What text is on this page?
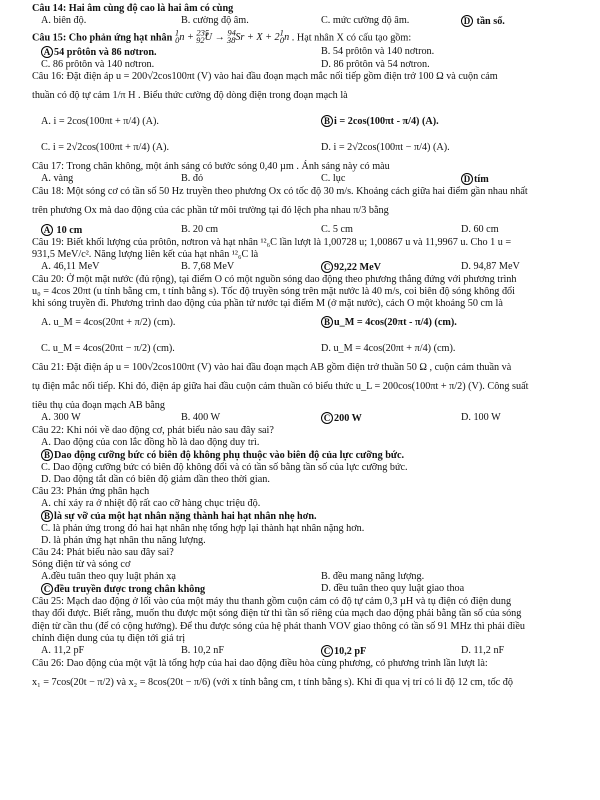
Câu 14: Hai âm cùng độ cao là hai âm có cùng
A. biên độ.	B. cường độ âm.	C. mức cường độ âm.	D tần số.
Câu 15: Cho phản ứng hạt nhân $^1_0n + ^{235}_{92}U \to ^{94}_{38}Sr + X + 2^1_0n$ . Hạt nhân X có cấu tạo gồm:
A 54 prôtôn và 86 nơtron.	B. 54 prôtôn và 140 nơtron.
C. 86 prôtôn và 140 nơtron.	D. 86 prôtôn và 54 nơtron.
Câu 16: Đặt điện áp u = 200√2cos100πt (V) vào hai đầu đoạn mạch mắc nối tiếp gồm điện trở 100 Ω và cuộn cảm
thuần có độ tự cảm 1/π H . Biểu thức cường độ dòng điện trong đoạn mạch là
A. i = 2cos(100πt + π/4) (A).	B i = 2cos(100πt - π/4) (A).
C. i = 2√2cos(100πt + π/4) (A).	D. i = 2√2cos(100πt − π/4) (A).
Câu 17: Trong chân không, một ánh sáng có bước sóng 0,40 µm . Ánh sáng này có màu
A. vàng	B. đỏ	C. lục	D tím
Câu 18: Một sóng cơ có tần số 50 Hz truyền theo phương Ox có tốc độ 30 m/s. Khoảng cách giữa hai điểm gần nhau nhất
trên phương Ox mà dao động của các phần tử môi trường tại đó lệch pha nhau π/3 bằng
A 10 cm	B. 20 cm	C. 5 cm	D. 60 cm
Câu 19: Biết khối lượng của prôtôn, nơtron và hạt nhân ¹²₆C lần lượt là 1,00728 u; 1,00867 u và 11,9967 u. Cho 1 u =
931,5 MeV/c². Năng lượng liên kết của hạt nhân ¹²₆C là
A. 46,11 MeV	B. 7,68 MeV	C 92,22 MeV	D. 94,87 MeV
Câu 20: Ở một mặt nước (đủ rộng), tại điểm O có một nguồn sóng dao động theo phương thẳng đứng với phương trình
u₀ = 4cos 20πt (u tính bằng cm, t tính bằng s). Tốc độ truyền sóng trên mặt nước là 40 m/s, coi biên độ sóng không đổi
khi sóng truyền đi. Phương trình dao động của phần tử nước tại điểm M (ở mặt nước), cách O một khoảng 50 cm là
A. u_M = 4cos(20πt + π/2) (cm).	B u_M = 4cos(20πt - π/4) (cm).
C. u_M = 4cos(20πt − π/2) (cm).	D. u_M = 4cos(20πt + π/4) (cm).
Câu 21: Đặt điện áp u = 100√2cos100πt (V) vào hai đầu đoạn mạch AB gồm điện trở thuần 50 Ω , cuộn cảm thuần và
tụ điện mắc nối tiếp. Khi đó, điện áp giữa hai đầu cuộn cảm thuần có biểu thức u_L = 200cos(100πt + π/2) (V). Công suất
tiêu thụ của đoạn mạch AB bằng
A. 300 W	B. 400 W	C 200 W	D. 100 W
Câu 22: Khi nói về dao động cơ, phát biểu nào sau đây sai?
A. Dao động của con lắc đồng hồ là dao động duy trì.
B Dao động cưỡng bức có biên độ không phụ thuộc vào biên độ của lực cưỡng bức.
C. Dao động cưỡng bức có biên độ không đổi và có tần số bằng tần số của lực cưỡng bức.
D. Dao động tắt dần có biên độ giảm dần theo thời gian.
Câu 23: Phản ứng phân hạch
A. chỉ xảy ra ở nhiệt độ rất cao cỡ hàng chục triệu độ.
B là sự vỡ của một hạt nhân nặng thành hai hạt nhân nhẹ hơn.
C. là phản ứng trong đó hai hạt nhân nhẹ tổng hợp lại thành hạt nhân nặng hơn.
D. là phản ứng hạt nhân thu năng lượng.
Câu 24: Phát biểu nào sau đây sai?
Sóng điện từ và sóng cơ
A.đều tuân theo quy luật phản xạ	B. đều mang năng lượng.
C đều truyền được trong chân không	D. đều tuân theo quy luật giao thoa
Câu 25: Mạch dao động ở lối vào của một máy thu thanh gồm cuộn cảm có độ tự cảm 0,3 µH và tụ điện có điện dung
thay đổi được. Biết rằng, muốn thu được một sóng điện từ thì tần số riêng của mạch dao động phải bằng tần số của sóng
điện từ cần thu (để có cộng hưởng). Để thu được sóng của hệ phát thanh VOV giao thông có tần số 91 MHz thì phải điều
chỉnh điện dung của tụ điện tới giá trị
A. 11,2 pF	B. 10,2 nF	C 10,2 pF	D. 11,2 nF
Câu 26: Dao động của một vật là tổng hợp của hai dao động điều hòa cùng phương, có phương trình lần lượt là:
x₁ = 7cos(20t − π/2) và x₂ = 8cos(20t − π/6) (với x tính bằng cm, t tính bằng s). Khi đi qua vị trí có li độ 12 cm, tốc độ
